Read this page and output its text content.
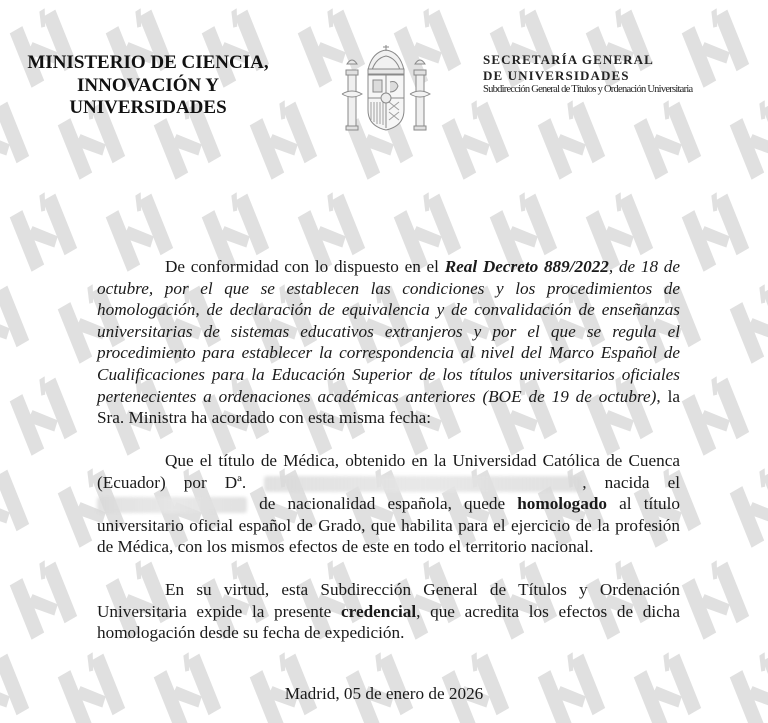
MINISTERIO DE CIENCIA,
INNOVACIÓN Y
UNIVERSIDADES
SECRETARÍA GENERAL
DE UNIVERSIDADES
Subdirección General de Títulos y Ordenación Universitaria
De conformidad con lo dispuesto en el Real Decreto 889/2022, de 18 de octubre, por el que se establecen las condiciones y los procedimientos de homologación, de declaración de equivalencia y de convalidación de enseñanzas universitarias de sistemas educativos extranjeros y por el que se regula el procedimiento para establecer la correspondencia al nivel del Marco Español de Cualificaciones para la Educación Superior de los títulos universitarios oficiales pertenecientes a ordenaciones académicas anteriores (BOE de 19 de octubre), la Sra. Ministra ha acordado con esta misma fecha:
Que el título de Médica, obtenido en la Universidad Católica de Cuenca (Ecuador) por Dª.	, nacida el  de nacionalidad española, quede homologado al título universitario oficial español de Grado, que habilita para el ejercicio de la profesión de Médica, con los mismos efectos de este en todo el territorio nacional.
En su virtud, esta Subdirección General de Títulos y Ordenación Universitaria expide la presente credencial, que acredita los efectos de dicha homologación desde su fecha de expedición.
Madrid, 05 de enero de 2026
